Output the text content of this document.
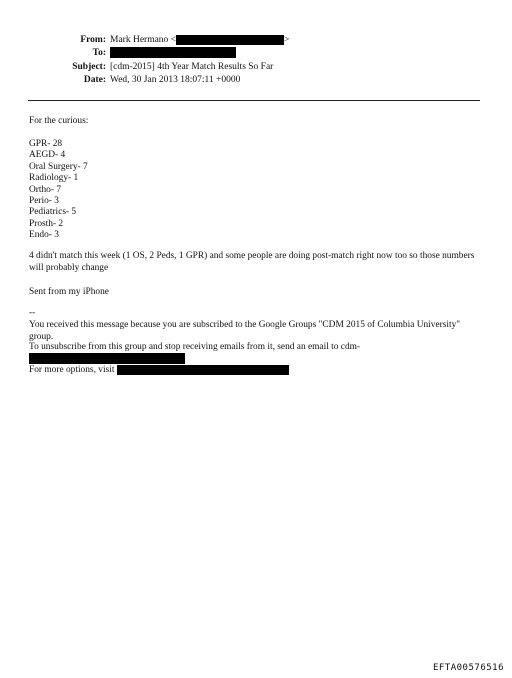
From: Mark Hermano <	>
To:
Subject: [cdm-2015] 4th Year Match Results So Far
Date: Wed, 30 Jan 2013 18:07:11 +0000

For the curious:

GPR- 28
AEGD- 4
Oral Surgery- 7
Radiology- 1
Ortho- 7
Perio- 3
Pediatrics- 5
Prosth- 2
Endo- 3

4 didn't match this week (1 OS, 2 Peds, 1 GPR) and some people are doing post-match right now too so those numbers will probably change

Sent from my iPhone

--

You received this message because you are subscribed to the Google Groups "CDM 2015 of Columbia University" group.

To unsubscribe from this group and stop receiving emails from it, send an email to cdm-

For more options, visit

EFTA00576516
